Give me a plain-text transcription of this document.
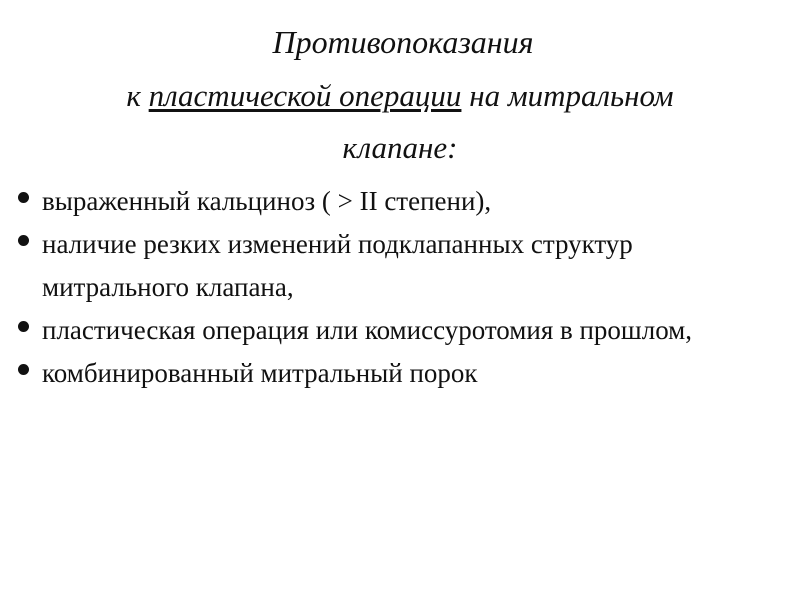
Противопоказания
к пластической операции на митральном
клапане:
выраженный кальциноз ( > II степени),
наличие резких изменений подклапанных структур
митрального клапана,
пластическая операция или комиссуротомия в прошлом,
комбинированный митральный порок
